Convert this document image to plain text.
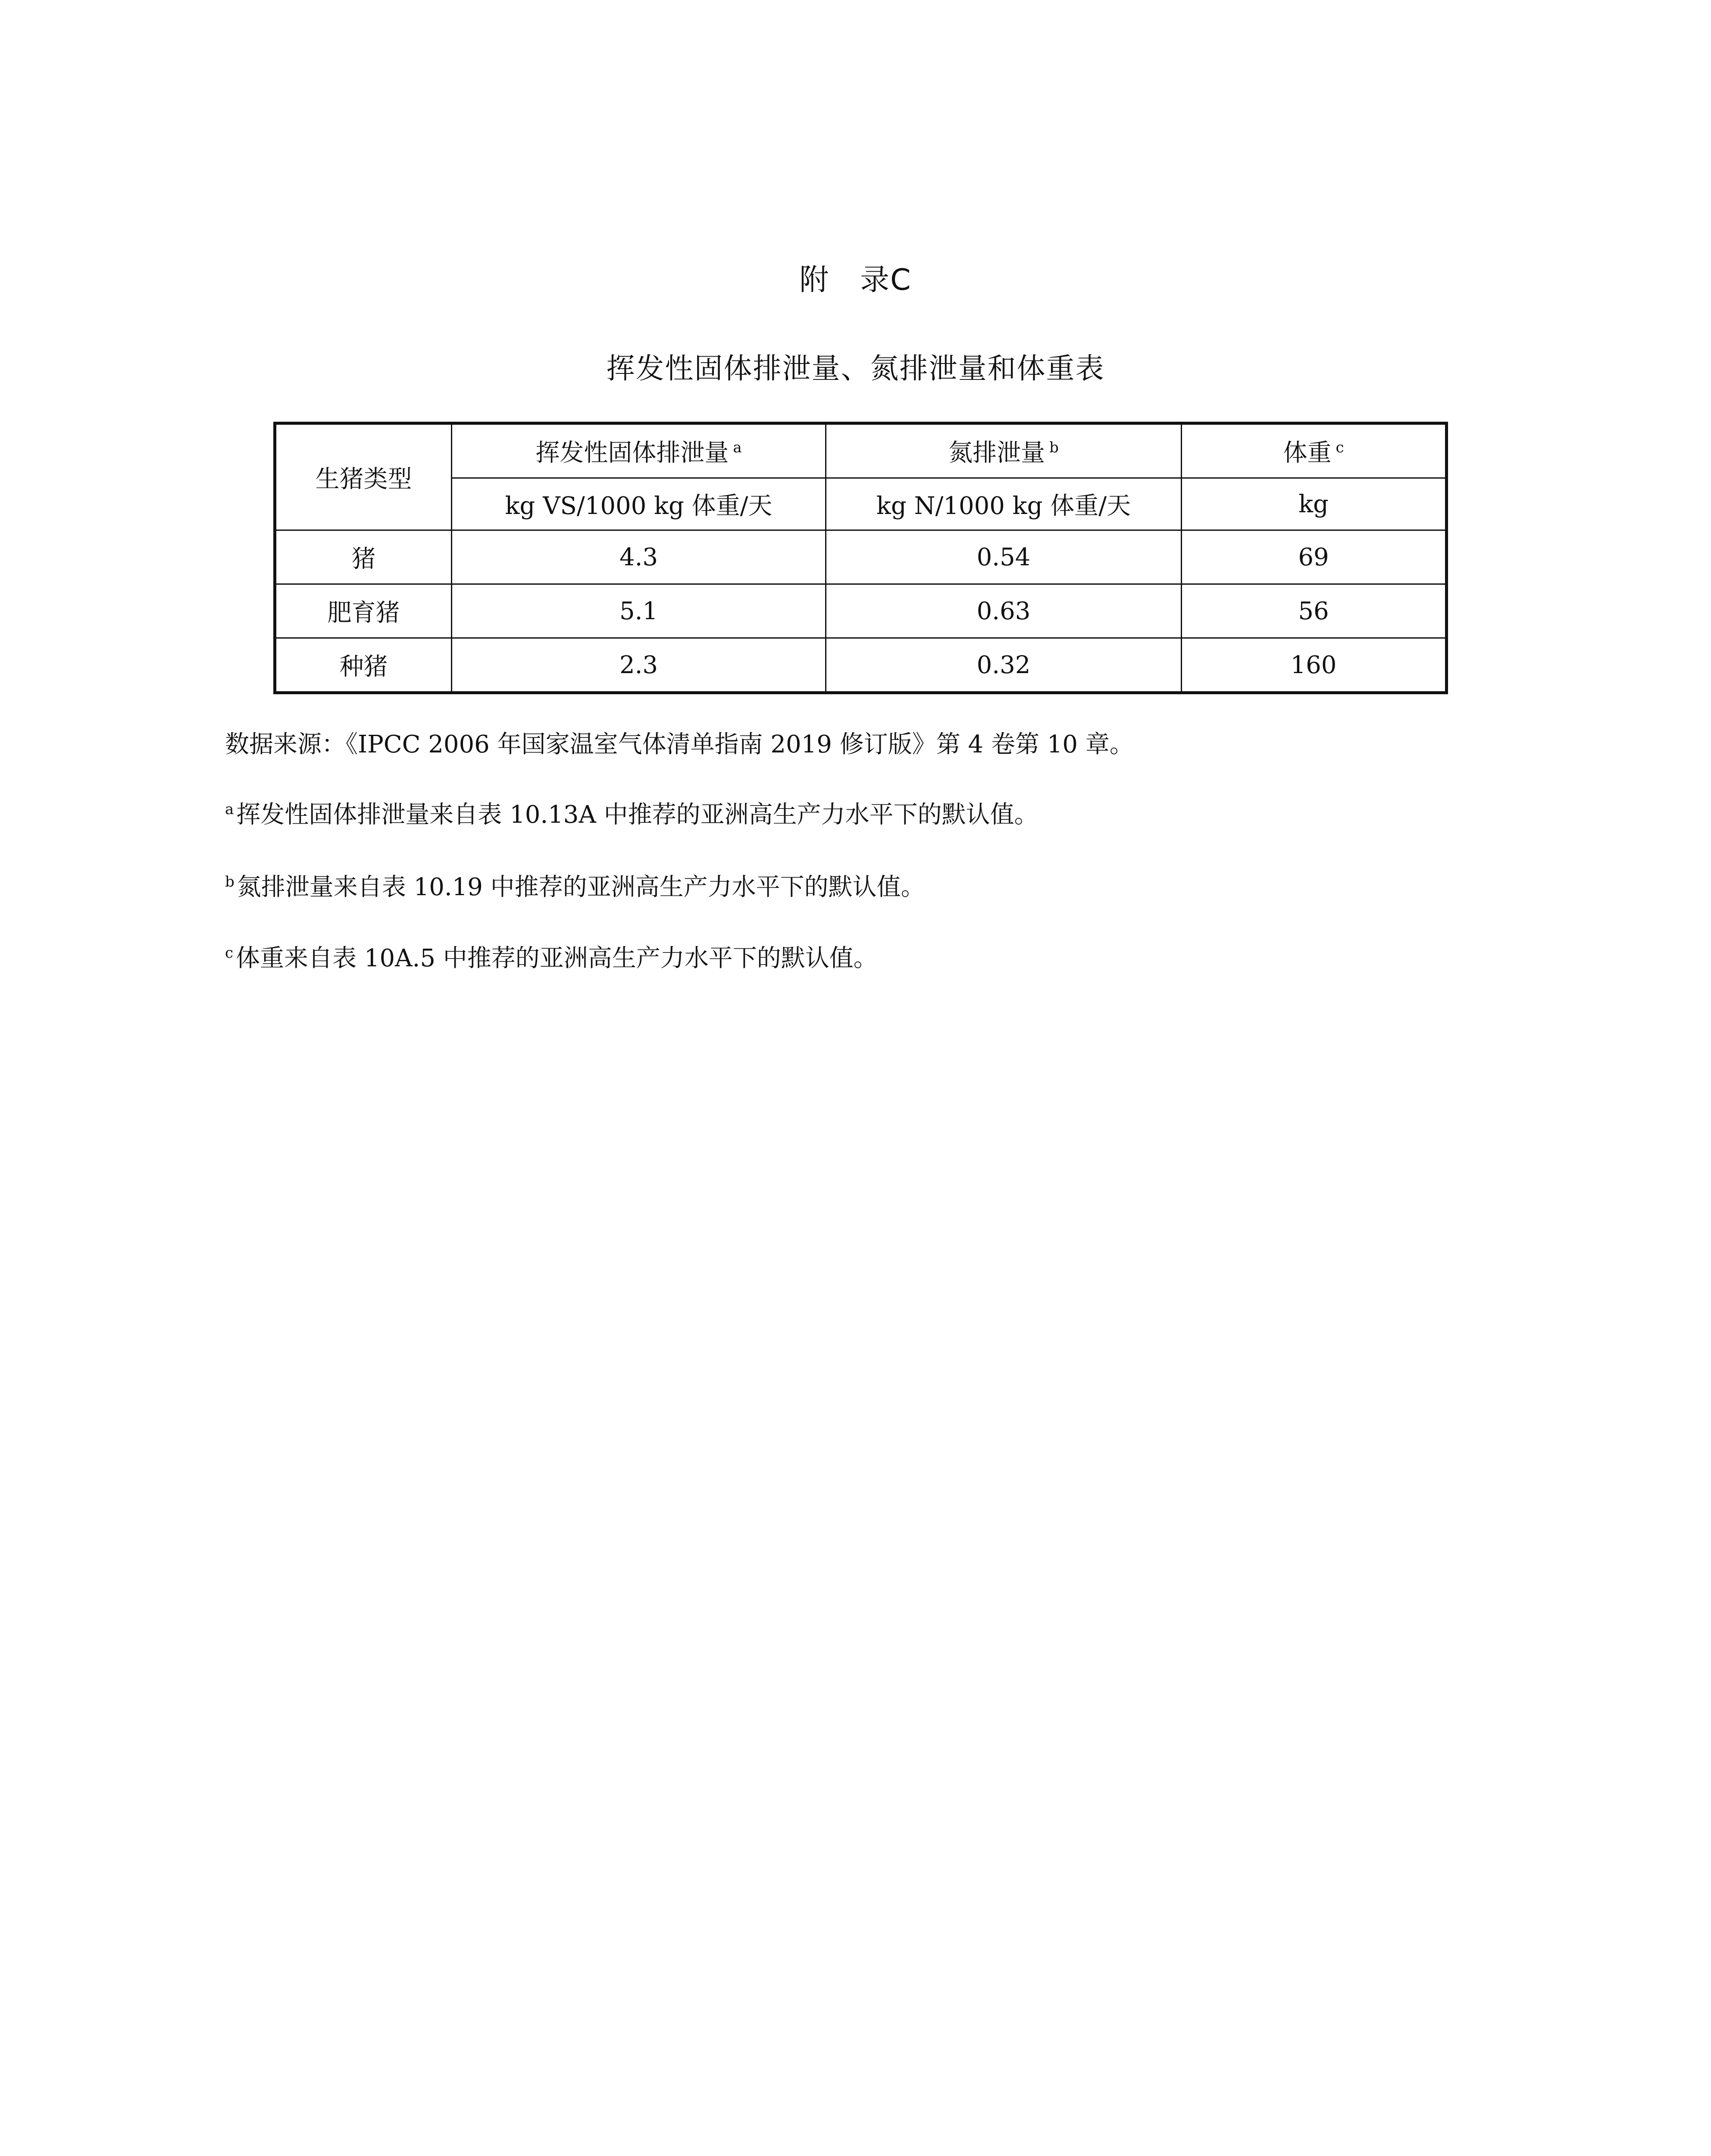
附   录C
挥发性固体排泄量、氮排泄量和体重表
生猪类型	挥发性固体排泄量 $^a$	氮排泄量 $^b$	体重 $^c$
	kg VS/1000 kg 体重/天	kg N/1000 kg 体重/天	kg
猪	4.3	0.54	69
肥育猪	5.1	0.63	56
种猪	2.3	0.32	160
数据来源：《IPCC 2006 年国家温室气体清单指南 2019 修订版》第 4 卷第 10 章。
$^a$ 挥发性固体排泄量来自表 10.13A 中推荐的亚洲高生产力水平下的默认值。
$^b$ 氮排泄量来自表 10.19 中推荐的亚洲高生产力水平下的默认值。
$^c$ 体重来自表 10A.5 中推荐的亚洲高生产力水平下的默认值。
